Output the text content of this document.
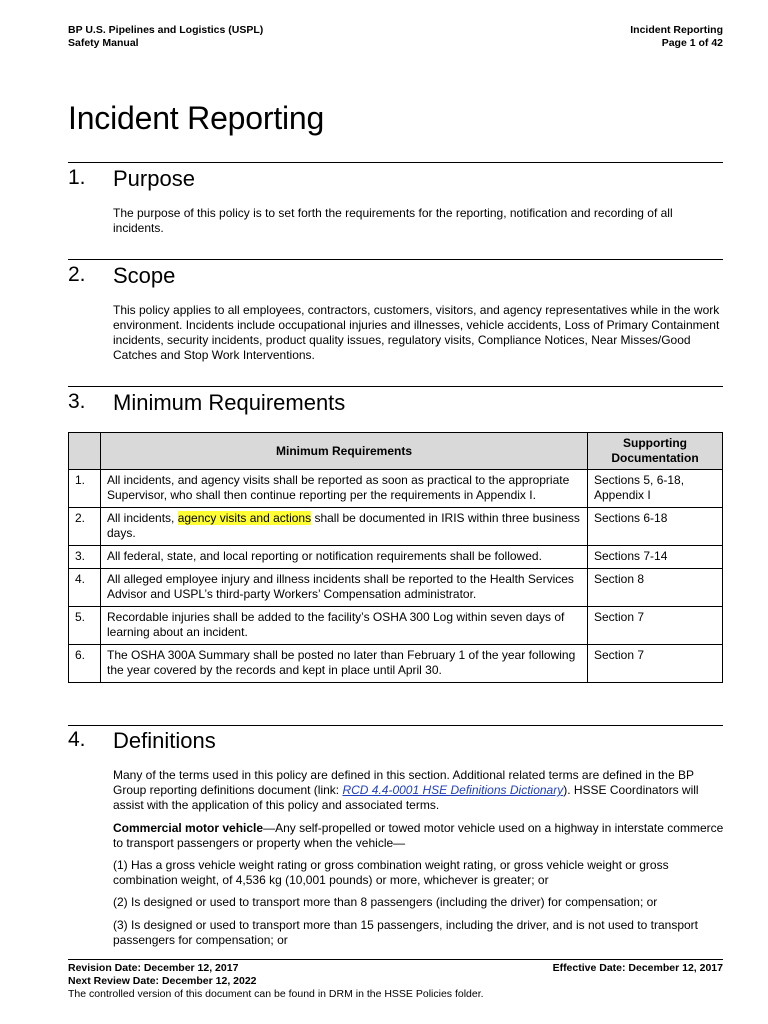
BP U.S. Pipelines and Logistics (USPL)
Safety Manual
Incident Reporting
Page 1 of 42
Incident Reporting
1. Purpose

The purpose of this policy is to set forth the requirements for the reporting, notification and recording of all incidents.

2. Scope

This policy applies to all employees, contractors, customers, visitors, and agency representatives while in the work environment. Incidents include occupational injuries and illnesses, vehicle accidents, Loss of Primary Containment incidents, security incidents, product quality issues, regulatory visits, Compliance Notices, Near Misses/Good Catches and Stop Work Interventions.

3. Minimum Requirements
	Minimum Requirements	Supporting Documentation
1.	All incidents, and agency visits shall be reported as soon as practical to the appropriate Supervisor, who shall then continue reporting per the requirements in Appendix I.	Sections 5, 6-18, Appendix I
2.	All incidents, agency visits and actions shall be documented in IRIS within three business days.	Sections 6-18
3.	All federal, state, and local reporting or notification requirements shall be followed.	Sections 7-14
4.	All alleged employee injury and illness incidents shall be reported to the Health Services Advisor and USPL’s third-party Workers’ Compensation administrator.	Section 8
5.	Recordable injuries shall be added to the facility’s OSHA 300 Log within seven days of learning about an incident.	Section 7
6.	The OSHA 300A Summary shall be posted no later than February 1 of the year following the year covered by the records and kept in place until April 30.	Section 7
4. Definitions

Many of the terms used in this policy are defined in this section. Additional related terms are defined in the BP Group reporting definitions document (link: RCD 4.4-0001 HSE Definitions Dictionary). HSSE Coordinators will assist with the application of this policy and associated terms.

Commercial motor vehicle—Any self-propelled or towed motor vehicle used on a highway in interstate commerce to transport passengers or property when the vehicle—

(1) Has a gross vehicle weight rating or gross combination weight rating, or gross vehicle weight or gross combination weight, of 4,536 kg (10,001 pounds) or more, whichever is greater; or

(2) Is designed or used to transport more than 8 passengers (including the driver) for compensation; or

(3) Is designed or used to transport more than 15 passengers, including the driver, and is not used to transport passengers for compensation; or

Revision Date: December 12, 2017
Next Review Date: December 12, 2022
The controlled version of this document can be found in DRM in the HSSE Policies folder.
Effective Date: December 12, 2017
